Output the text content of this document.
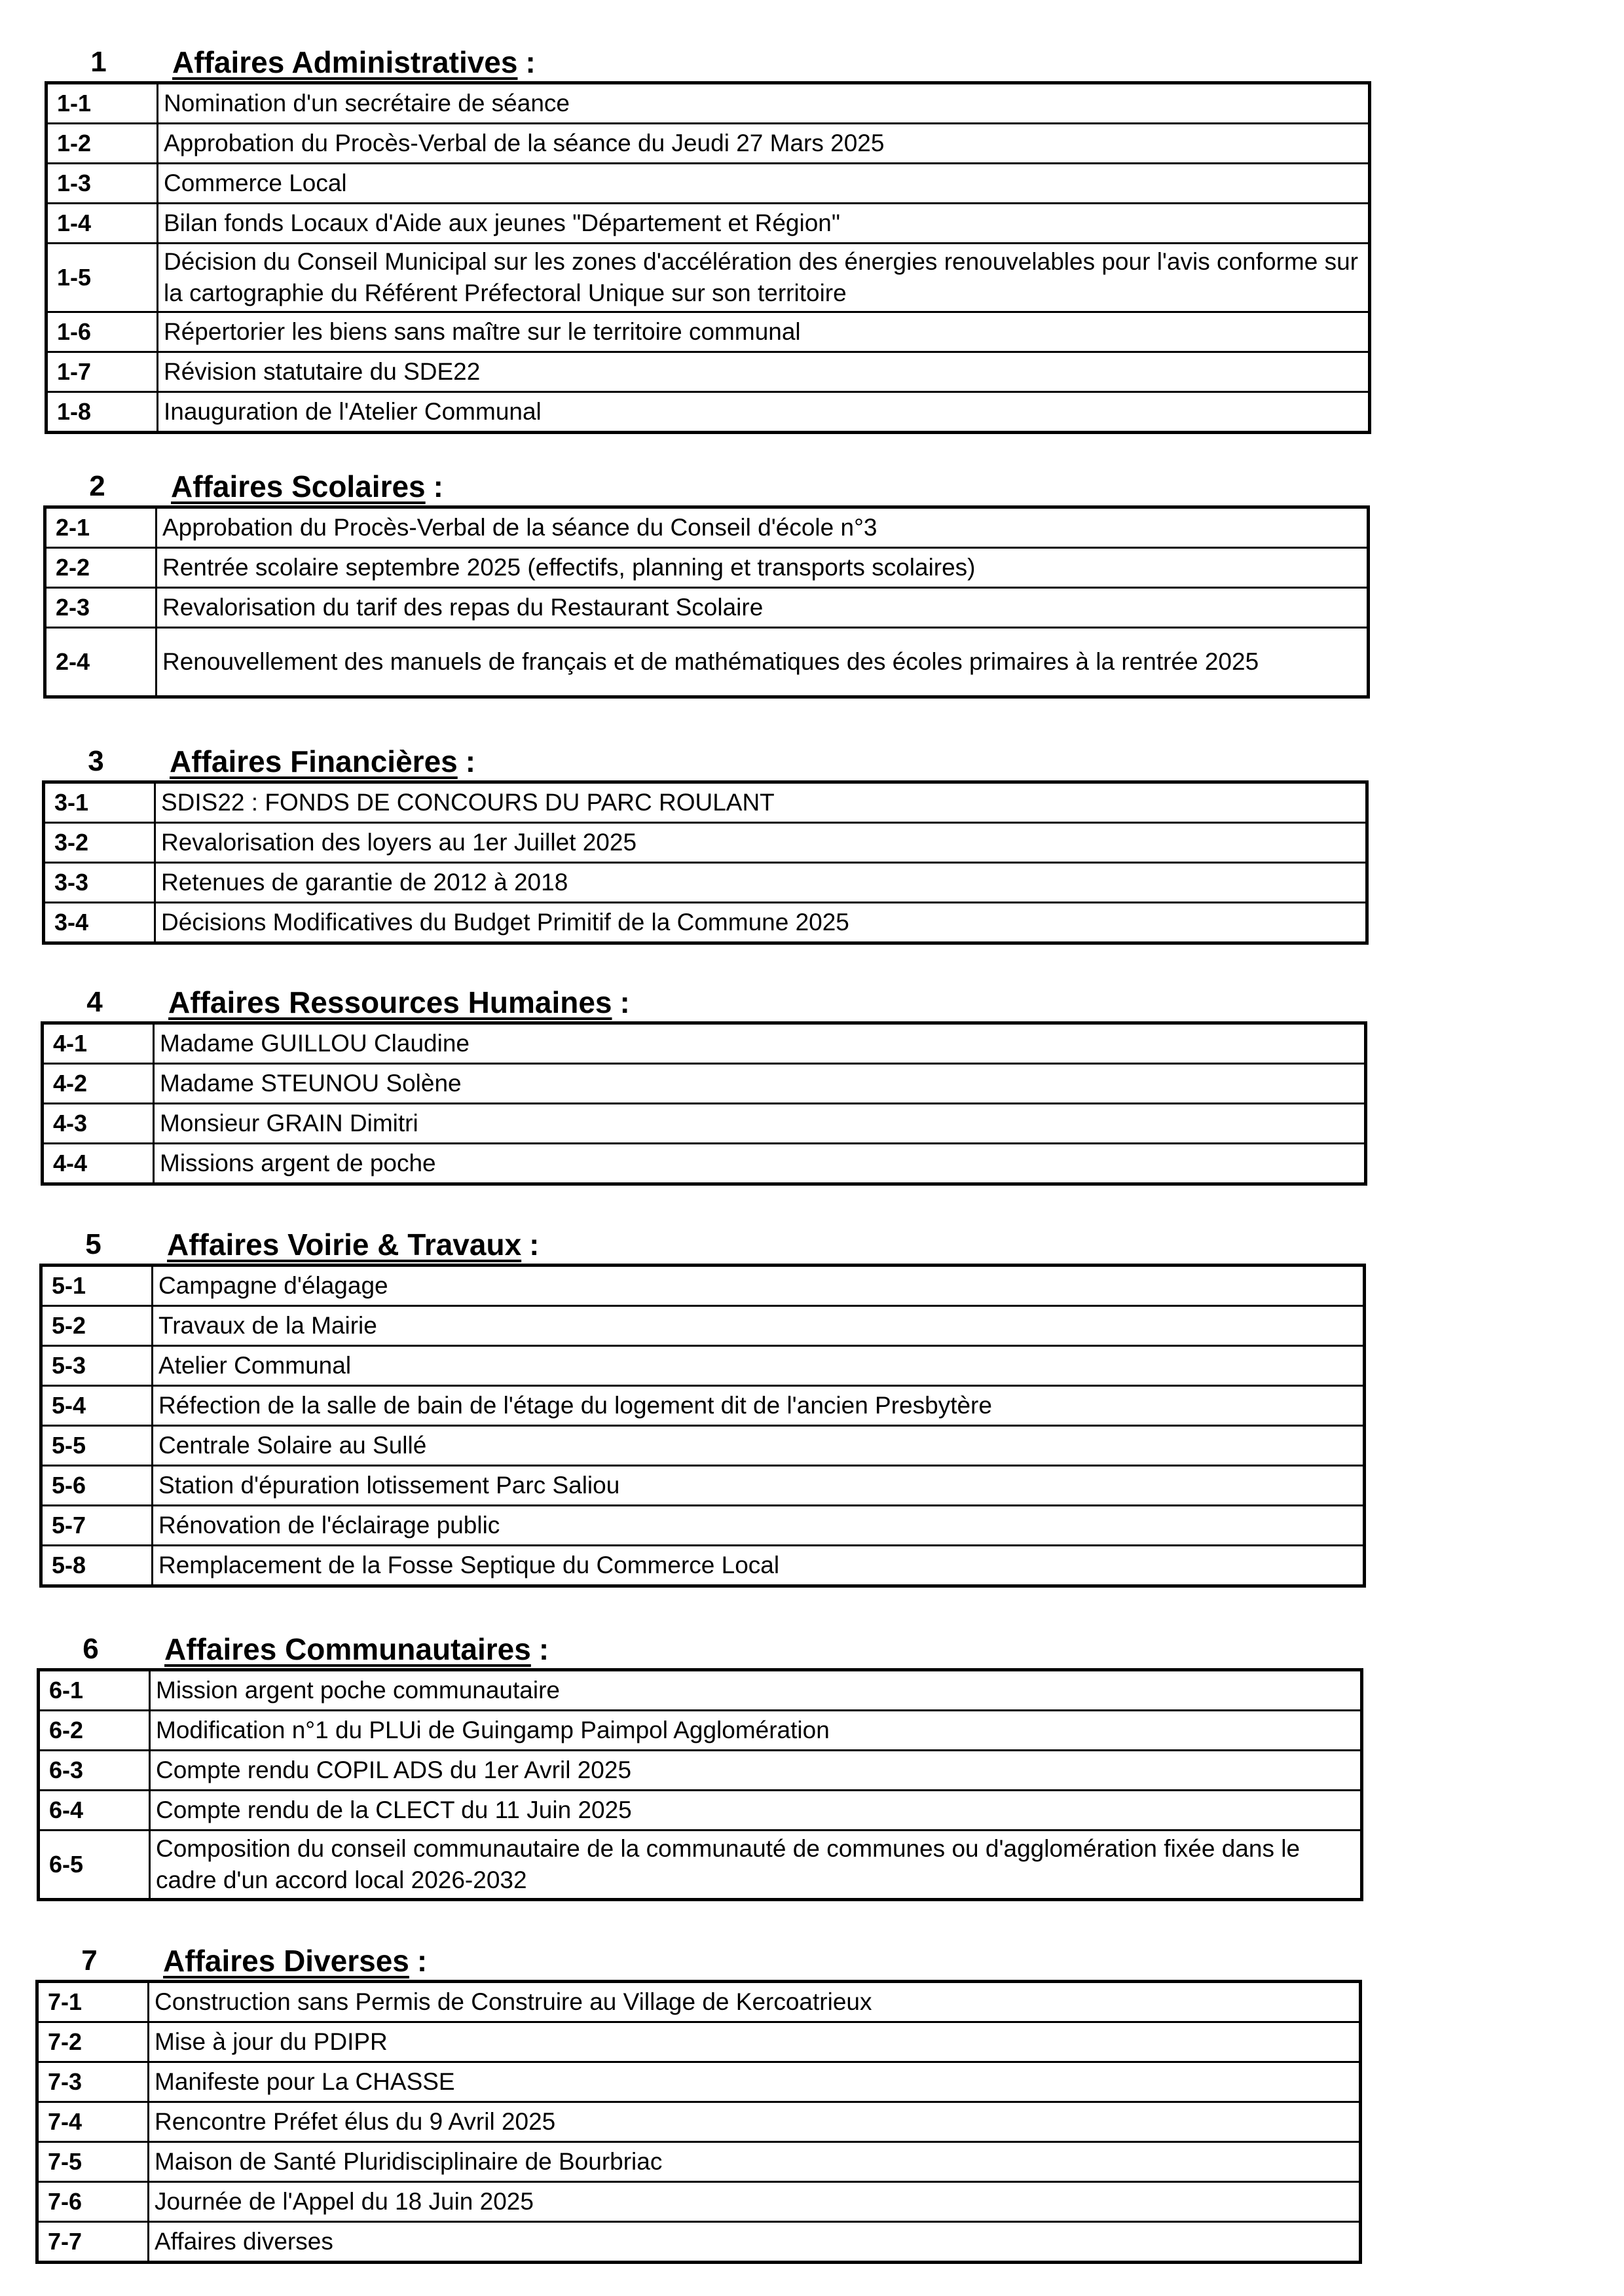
1	Affaires Administratives :
1-1	Nomination d'un secrétaire de séance
1-2	Approbation du Procès-Verbal de la séance du Jeudi 27 Mars 2025
1-3	Commerce Local
1-4	Bilan fonds Locaux d'Aide aux jeunes "Département et Région"
1-5	Décision du Conseil Municipal sur les zones d'accélération des énergies renouvelables pour l'avis conforme sur la cartographie du Référent Préfectoral Unique sur son territoire
1-6	Répertorier les biens sans maître sur le territoire communal
1-7	Révision statutaire du SDE22
1-8	Inauguration de l'Atelier Communal
2	Affaires Scolaires :
2-1	Approbation du Procès-Verbal de la séance du Conseil d'école n°3
2-2	Rentrée scolaire septembre 2025 (effectifs, planning et transports scolaires)
2-3	Revalorisation du tarif des repas du Restaurant Scolaire
2-4	Renouvellement des manuels de français et de mathématiques des écoles primaires à la rentrée 2025
3	Affaires Financières :
3-1	SDIS22 : FONDS DE CONCOURS DU PARC ROULANT
3-2	Revalorisation des loyers au 1er Juillet 2025
3-3	Retenues de garantie de 2012 à 2018
3-4	Décisions Modificatives du Budget Primitif de la Commune 2025
4	Affaires Ressources Humaines :
4-1	Madame GUILLOU Claudine
4-2	Madame STEUNOU Solène
4-3	Monsieur GRAIN Dimitri
4-4	Missions argent de poche
5	Affaires Voirie & Travaux :
5-1	Campagne d'élagage
5-2	Travaux de la Mairie
5-3	Atelier Communal
5-4	Réfection de la salle de bain de l'étage du logement dit de l'ancien Presbytère
5-5	Centrale Solaire au Sullé
5-6	Station d'épuration lotissement Parc Saliou
5-7	Rénovation de l'éclairage public
5-8	Remplacement de la Fosse Septique du Commerce Local
6	Affaires Communautaires :
6-1	Mission argent poche communautaire
6-2	Modification n°1 du PLUi de Guingamp Paimpol Agglomération
6-3	Compte rendu COPIL ADS du 1er Avril 2025
6-4	Compte rendu de la CLECT du 11 Juin 2025
6-5	Composition du conseil communautaire de la communauté de communes ou d'agglomération fixée dans le cadre d'un accord local 2026-2032
7	Affaires Diverses :
7-1	Construction sans Permis de Construire au Village de Kercoatrieux
7-2	Mise à jour du PDIPR
7-3	Manifeste pour La CHASSE
7-4	Rencontre Préfet élus du 9 Avril 2025
7-5	Maison de Santé Pluridisciplinaire de Bourbriac
7-6	Journée de l'Appel du 18 Juin 2025
7-7	Affaires diverses
